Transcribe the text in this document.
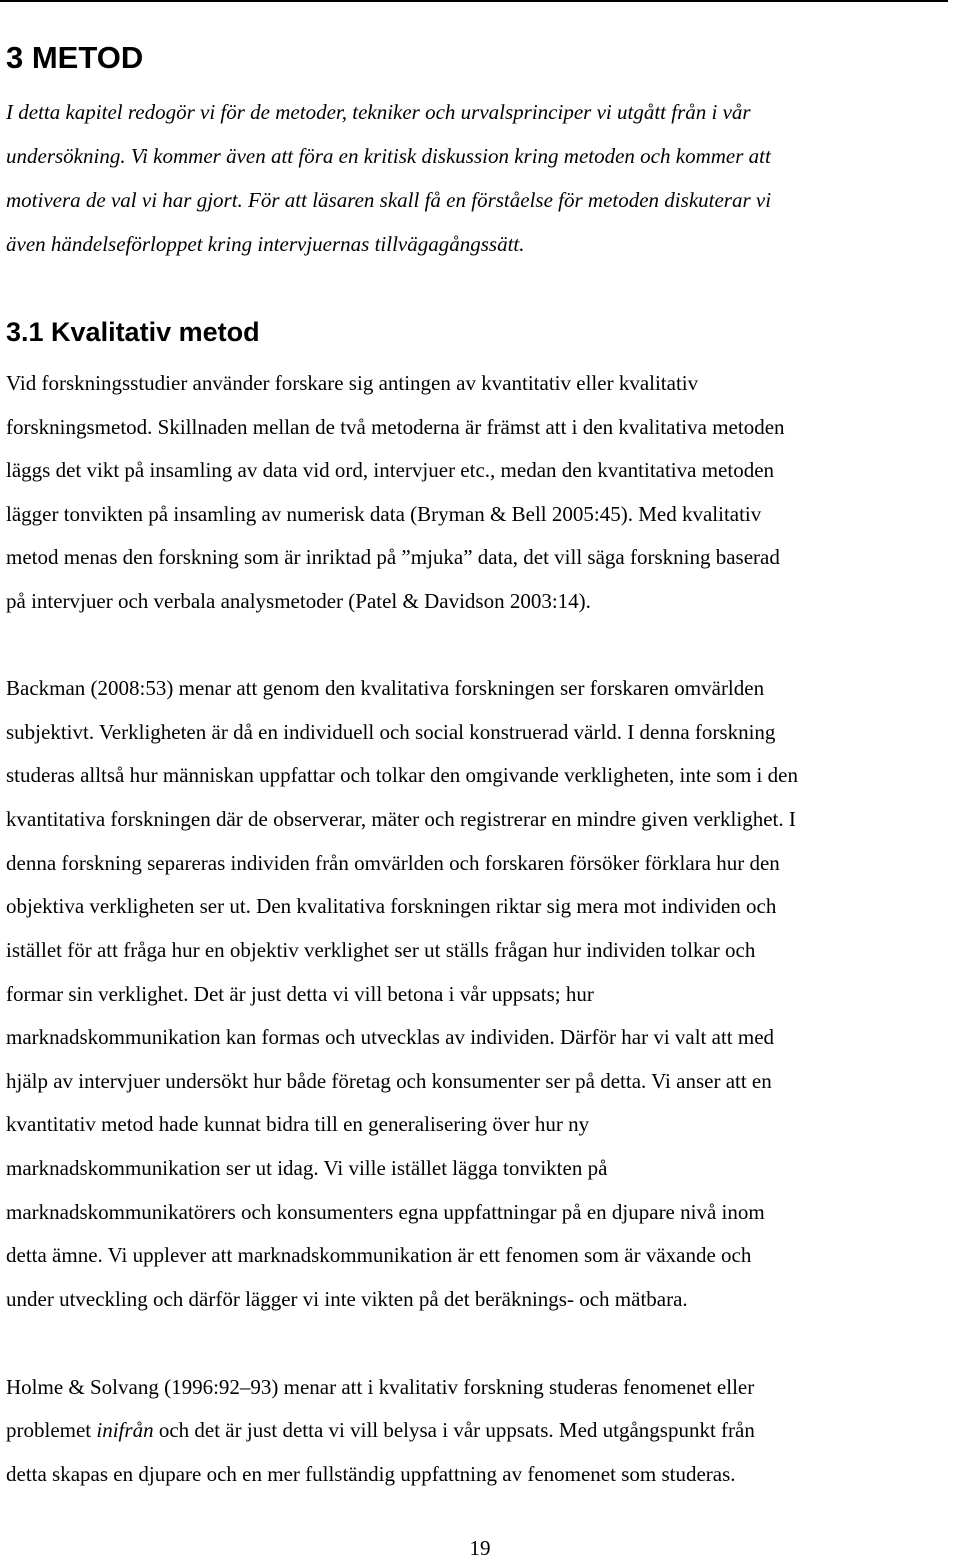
3 METOD

I detta kapitel redogör vi för de metoder, tekniker och urvalsprinciper vi utgått från i vår

undersökning. Vi kommer även att föra en kritisk diskussion kring metoden och kommer att

motivera de val vi har gjort. För att läsaren skall få en förståelse för metoden diskuterar vi

även händelseförloppet kring intervjuernas tillvägagångssätt.

3.1 Kvalitativ metod

Vid forskningsstudier använder forskare sig antingen av kvantitativ eller kvalitativ

forskningsmetod. Skillnaden mellan de två metoderna är främst att i den kvalitativa metoden

läggs det vikt på insamling av data vid ord, intervjuer etc., medan den kvantitativa metoden

lägger tonvikten på insamling av numerisk data (Bryman & Bell 2005:45). Med kvalitativ

metod menas den forskning som är inriktad på ”mjuka” data, det vill säga forskning baserad

på intervjuer och verbala analysmetoder (Patel & Davidson 2003:14).

Backman (2008:53) menar att genom den kvalitativa forskningen ser forskaren omvärlden

subjektivt. Verkligheten är då en individuell och social konstruerad värld. I denna forskning

studeras alltså hur människan uppfattar och tolkar den omgivande verkligheten, inte som i den

kvantitativa forskningen där de observerar, mäter och registrerar en mindre given verklighet. I

denna forskning separeras individen från omvärlden och forskaren försöker förklara hur den

objektiva verkligheten ser ut. Den kvalitativa forskningen riktar sig mera mot individen och

istället för att fråga hur en objektiv verklighet ser ut ställs frågan hur individen tolkar och

formar sin verklighet. Det är just detta vi vill betona i vår uppsats; hur

marknadskommunikation kan formas och utvecklas av individen. Därför har vi valt att med

hjälp av intervjuer undersökt hur både företag och konsumenter ser på detta. Vi anser att en

kvantitativ metod hade kunnat bidra till en generalisering över hur ny

marknadskommunikation ser ut idag. Vi ville istället lägga tonvikten på

marknadskommunikatörers och konsumenters egna uppfattningar på en djupare nivå inom

detta ämne. Vi upplever att marknadskommunikation är ett fenomen som är växande och

under utveckling och därför lägger vi inte vikten på det beräknings- och mätbara.

Holme & Solvang (1996:92–93) menar att i kvalitativ forskning studeras fenomenet eller

problemet inifrån och det är just detta vi vill belysa i vår uppsats. Med utgångspunkt från

detta skapas en djupare och en mer fullständig uppfattning av fenomenet som studeras.

19
